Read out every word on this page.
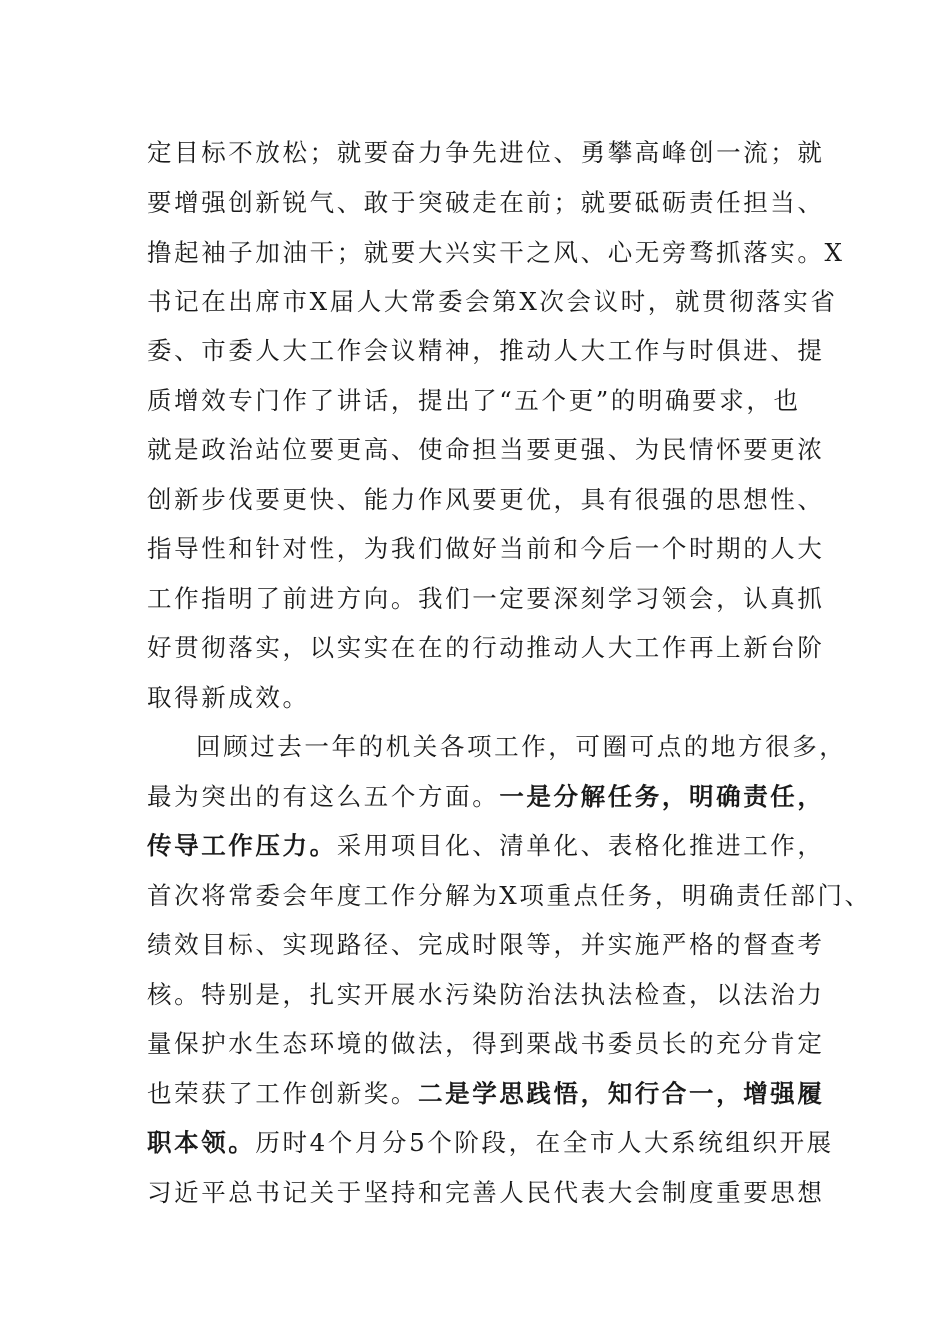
定目标不放松；就要奋力争先进位、勇攀高峰创一流；就
要增强创新锐气、敢于突破走在前；就要砥砺责任担当、
撸起袖子加油干；就要大兴实干之风、心无旁骛抓落实。X
书记在出席市X届人大常委会第X次会议时，就贯彻落实省
委、市委人大工作会议精神，推动人大工作与时俱进、提
质增效专门作了讲话，提出了“五个更”的明确要求，也
就是政治站位要更高、使命担当要更强、为民情怀要更浓
创新步伐要更快、能力作风要更优，具有很强的思想性、
指导性和针对性，为我们做好当前和今后一个时期的人大
工作指明了前进方向。我们一定要深刻学习领会，认真抓
好贯彻落实，以实实在在的行动推动人大工作再上新台阶
取得新成效。
回顾过去一年的机关各项工作，可圈可点的地方很多，
最为突出的有这么五个方面。一是分解任务，明确责任，
传导工作压力。采用项目化、清单化、表格化推进工作，
首次将常委会年度工作分解为X项重点任务，明确责任部门、
绩效目标、实现路径、完成时限等，并实施严格的督查考
核。特别是，扎实开展水污染防治法执法检查，以法治力
量保护水生态环境的做法，得到栗战书委员长的充分肯定
也荣获了工作创新奖。二是学思践悟，知行合一，增强履
职本领。历时4个月分5个阶段，在全市人大系统组织开展
习近平总书记关于坚持和完善人民代表大会制度重要思想
